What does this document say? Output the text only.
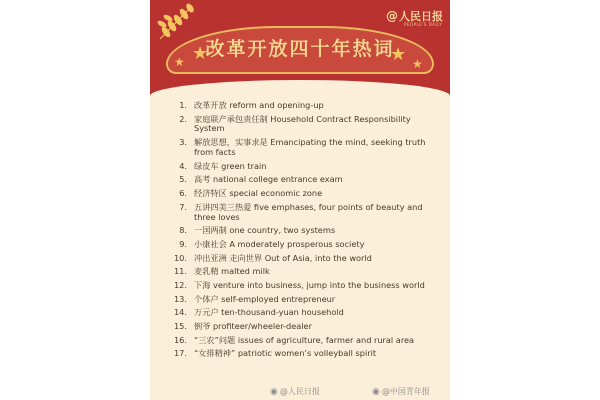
@人民日报
PEOPLE'S DAILY
改革开放四十年热词
★ ★	★ ★
1. 改革开放 reform and opening-up
2. 家庭联产承包责任制 Household Contract Responsibility System
3. 解放思想，实事求是 Emancipating the mind, seeking truth from facts
4. 绿皮车 green train
5. 高考 national college entrance exam
6. 经济特区 special economic zone
7. 五讲四美三热爱 five emphases, four points of beauty and three loves
8. 一国两制 one country, two systems
9. 小康社会 A moderately prosperous society
10. 冲出亚洲 走向世界 Out of Asia, into the world
11. 麦乳精 malted milk
12. 下海 venture into business, jump into the business world
13. 个体户 self-employed entrepreneur
14. 万元户 ten-thousand-yuan household
15. 倒爷 profiteer/wheeler-dealer
16. “三农”问题 issues of agriculture, farmer and rural area
17. “女排精神” patriotic women’s volleyball spirit
◉ @人民日报	◉ @中国青年报
